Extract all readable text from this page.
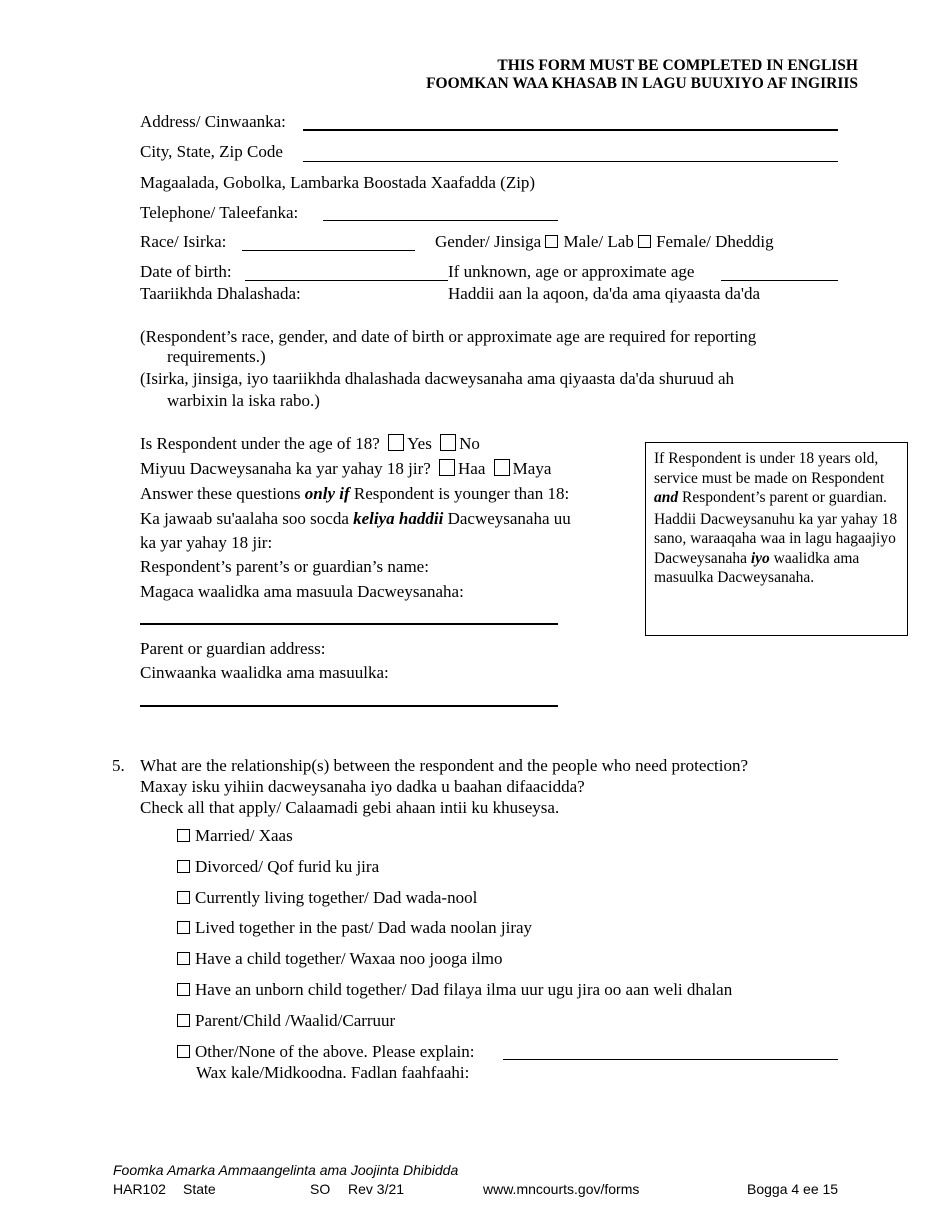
THIS FORM MUST BE COMPLETED IN ENGLISH
FOOMKAN WAA KHASAB IN LAGU BUUXIYO AF INGIRIIS
Address/ Cinwaanka:
City, State, Zip Code
Magaalada, Gobolka, Lambarka Boostada Xaafadda (Zip)
Telephone/ Taleefanka:
Race/ Isirka:	Gender/ Jinsiga Male/ Lab Female/ Dheddig
Date of birth:	If unknown, age or approximate age
Taariikhda Dhalashada:	Haddii aan la aqoon, da'da ama qiyaasta da'da
(Respondent’s race, gender, and date of birth or approximate age are required for reporting
requirements.)
(Isirka, jinsiga, iyo taariikhda dhalashada dacweysanaha ama qiyaasta da'da shuruud ah
warbixin la iska rabo.)
Is Respondent under the age of 18? Yes No
Miyuu Dacweysanaha ka yar yahay 18 jir? Haa Maya
Answer these questions only if Respondent is younger than 18:
Ka jawaab su'aalaha soo socda keliya haddii Dacweysanaha uu
ka yar yahay 18 jir:
Respondent’s parent’s or guardian’s name:
Magaca waalidka ama masuula Dacweysanaha:
Parent or guardian address:
Cinwaanka waalidka ama masuulka:

If Respondent is under 18 years old, service must be made on Respondent and Respondent’s parent or guardian.

Haddii Dacweysanuhu ka yar yahay 18 sano, waraaqaha waa in lagu hagaajiyo Dacweysanaha iyo waalidka ama masuulka Dacweysanaha.

5. What are the relationship(s) between the respondent and the people who need protection?
Maxay isku yihiin dacweysanaha iyo dadka u baahan difaacidda?
Check all that apply/ Calaamadi gebi ahaan intii ku khuseysa.
Married/ Xaas
Divorced/ Qof furid ku jira
Currently living together/ Dad wada-nool
Lived together in the past/ Dad wada noolan jiray
Have a child together/ Waxaa noo jooga ilmo
Have an unborn child together/ Dad filaya ilma uur ugu jira oo aan weli dhalan
Parent/Child /Waalid/Carruur
Other/None of the above. Please explain:
Wax kale/Midkoodna. Fadlan faahfaahi:
Foomka Amarka Ammaangelinta ama Joojinta Dhibidda
HAR102 State	SO Rev 3/21	www.mncourts.gov/forms	Bogga 4 ee 15
